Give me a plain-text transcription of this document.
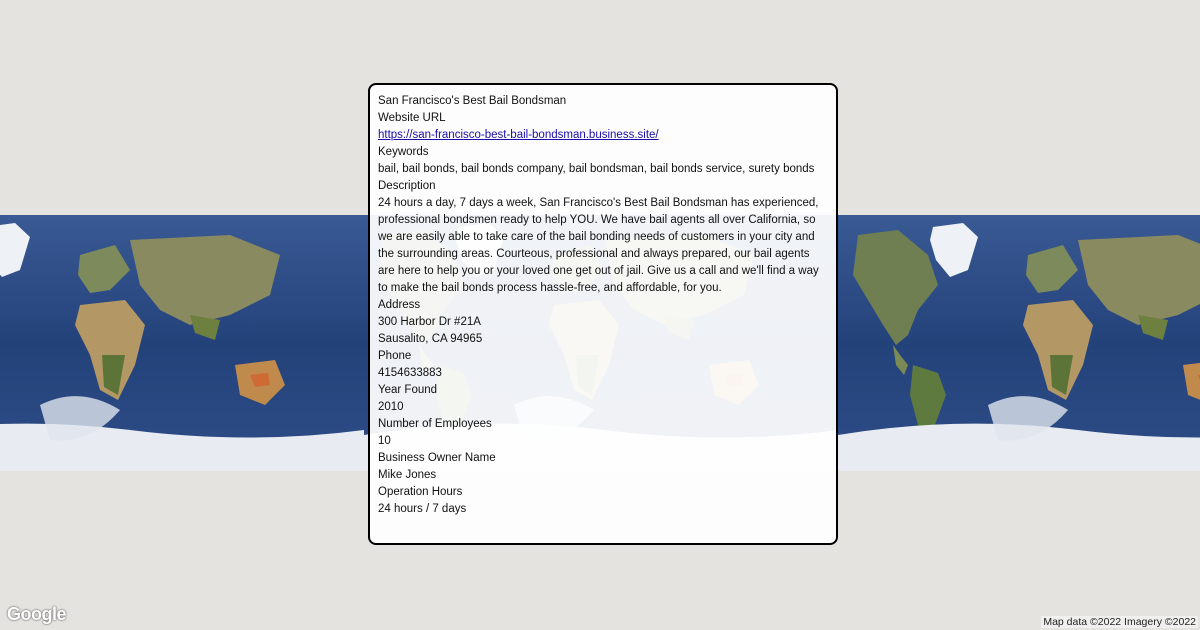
San Francisco's Best Bail Bondsman
Website URL
https://san-francisco-best-bail-bondsman.business.site/
Keywords
bail, bail bonds, bail bonds company, bail bondsman, bail bonds service, surety bonds
Description
24 hours a day, 7 days a week, San Francisco's Best Bail Bondsman has experienced, professional bondsmen ready to help YOU. We have bail agents all over California, so we are easily able to take care of the bail bonding needs of customers in your city and the surrounding areas. Courteous, professional and always prepared, our bail agents are here to help you or your loved one get out of jail. Give us a call and we'll find a way to make the bail bonds process hassle-free, and affordable, for you.
Address
300 Harbor Dr #21A
Sausalito, CA 94965
Phone
4154633883
Year Found
2010
Number of Employees
10
Business Owner Name
Mike Jones
Operation Hours
24 hours / 7 days
Google	Map data ©2022 Imagery ©2022
